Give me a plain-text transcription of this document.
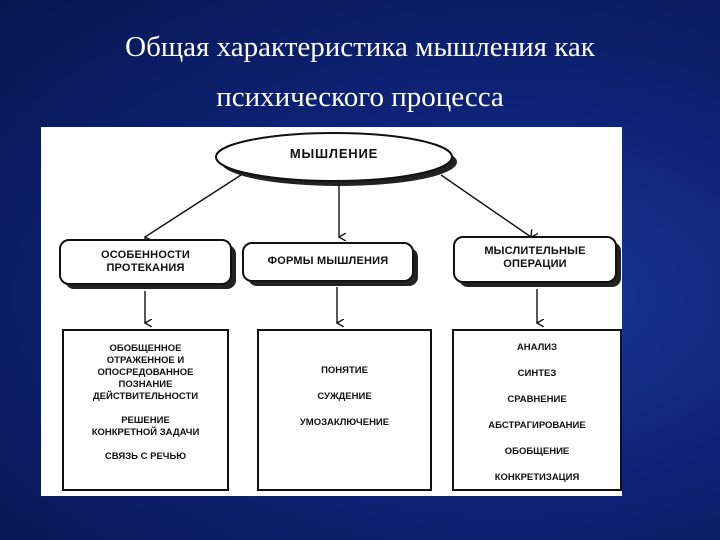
Общая характеристика мышления как
психического процесса
МЫШЛЕНИЕ
ОСОБЕННОСТИ
ПРОТЕКАНИЯ
ФОРМЫ МЫШЛЕНИЯ
МЫСЛИТЕЛЬНЫЕ
ОПЕРАЦИИ
ОБОБЩЕННОЕ
ОТРАЖЕННОЕ И
ОПОСРЕДОВАННОЕ
ПОЗНАНИЕ
ДЕЙСТВИТЕЛЬНОСТИ
РЕШЕНИЕ
КОНКРЕТНОЙ ЗАДАЧИ
СВЯЗЬ С РЕЧЬЮ
ПОНЯТИЕ
СУЖДЕНИЕ
УМОЗАКЛЮЧЕНИЕ
АНАЛИЗ
СИНТЕЗ
СРАВНЕНИЕ
АБСТРАГИРОВАНИЕ
ОБОБЩЕНИЕ
КОНКРЕТИЗАЦИЯ
